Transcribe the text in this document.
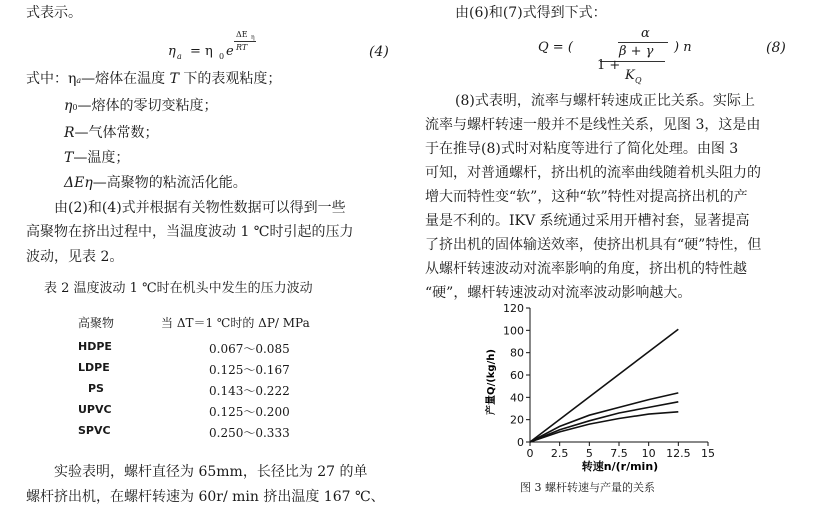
式表示。
η a = η 0 e
ΔE η
RT	(4)
式中：ηa—熔体在温度 T 下的表观粘度；
η0—熔体的零切变粘度；
R—气体常数；
T—温度；
ΔEη—高聚物的粘流活化能。
由(2)和(4)式并根据有关物性数据可以得到一些
高聚物在挤出过程中，当温度波动 1 ℃时引起的压力
波动，见表 2。
表 2 温度波动 1 ℃时在机头中发生的压力波动
高聚物	当 ΔT＝1 ℃时的 ΔP/ MPa
HDPE	0.067～0.085
LDPE	0.125～0.167
PS	0.143～0.222
UPVC	0.125～0.200
SPVC	0.250～0.333
实验表明，螺杆直径为 65mm，长径比为 27 的单
螺杆挤出机，在螺杆转速为 60r/ min 挤出温度 167 ℃、
由(6)和(7)式得到下式：
Q = (
α
β + γ
1 +
K Q
) n	(8)
(8)式表明，流率与螺杆转速成正比关系。实际上
流率与螺杆转速一般并不是线性关系，见图 3，这是由
于在推导(8)式时对粘度等进行了简化处理。由图 3
可知，对普通螺杆，挤出机的流率曲线随着机头阻力的
增大而特性变“软”，这种“软”特性对提高挤出机的产
量是不利的。IKV 系统通过采用开槽衬套，显著提高
了挤出机的固体输送效率，使挤出机具有“硬”特性，但
从螺杆转速波动对流率影响的角度，挤出机的特性越
“硬”，螺杆转速波动对流率波动影响越大。
0 2.5 5 7.5 10 12.5 15
0
20
40
60
80
100
120
产量Q/(kg/h)
转速n/(r/min)
图 3 螺杆转速与产量的关系
